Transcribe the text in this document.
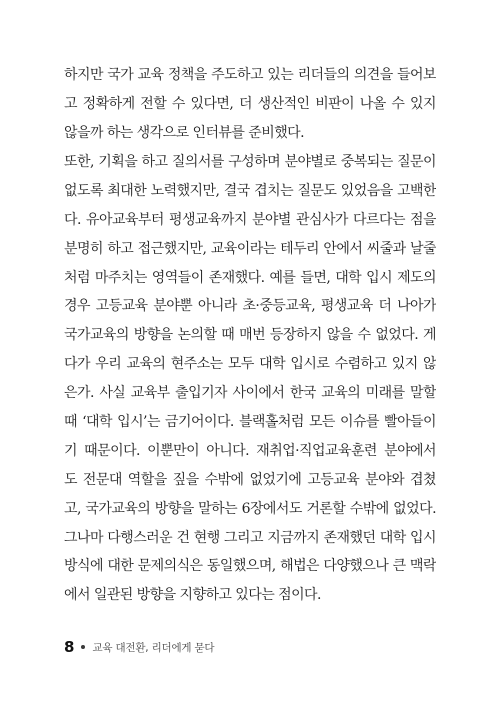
하지만 국가 교육 정책을 주도하고 있는 리더들의 의견을 들어보
고 정확하게 전할 수 있다면, 더 생산적인 비판이 나올 수 있지
않을까 하는 생각으로 인터뷰를 준비했다.
또한, 기획을 하고 질의서를 구성하며 분야별로 중복되는 질문이
없도록 최대한 노력했지만, 결국 겹치는 질문도 있었음을 고백한
다. 유아교육부터 평생교육까지 분야별 관심사가 다르다는 점을
분명히 하고 접근했지만, 교육이라는 테두리 안에서 씨줄과 날줄
처럼 마주치는 영역들이 존재했다. 예를 들면, 대학 입시 제도의
경우 고등교육 분야뿐 아니라 초·중등교육, 평생교육 더 나아가
국가교육의 방향을 논의할 때 매번 등장하지 않을 수 없었다. 게
다가 우리 교육의 현주소는 모두 대학 입시로 수렴하고 있지 않
은가. 사실 교육부 출입기자 사이에서 한국 교육의 미래를 말할
때 ‘대학 입시’는 금기어이다. 블랙홀처럼 모든 이슈를 빨아들이
기 때문이다. 이뿐만이 아니다. 재취업·직업교육훈련 분야에서
도 전문대 역할을 짚을 수밖에 없었기에 고등교육 분야와 겹쳤
고, 국가교육의 방향을 말하는 6장에서도 거론할 수밖에 없었다.
그나마 다행스러운 건 현행 그리고 지금까지 존재했던 대학 입시
방식에 대한 문제의식은 동일했으며, 해법은 다양했으나 큰 맥락
에서 일관된 방향을 지향하고 있다는 점이다.
8 교육 대전환, 리더에게 묻다
